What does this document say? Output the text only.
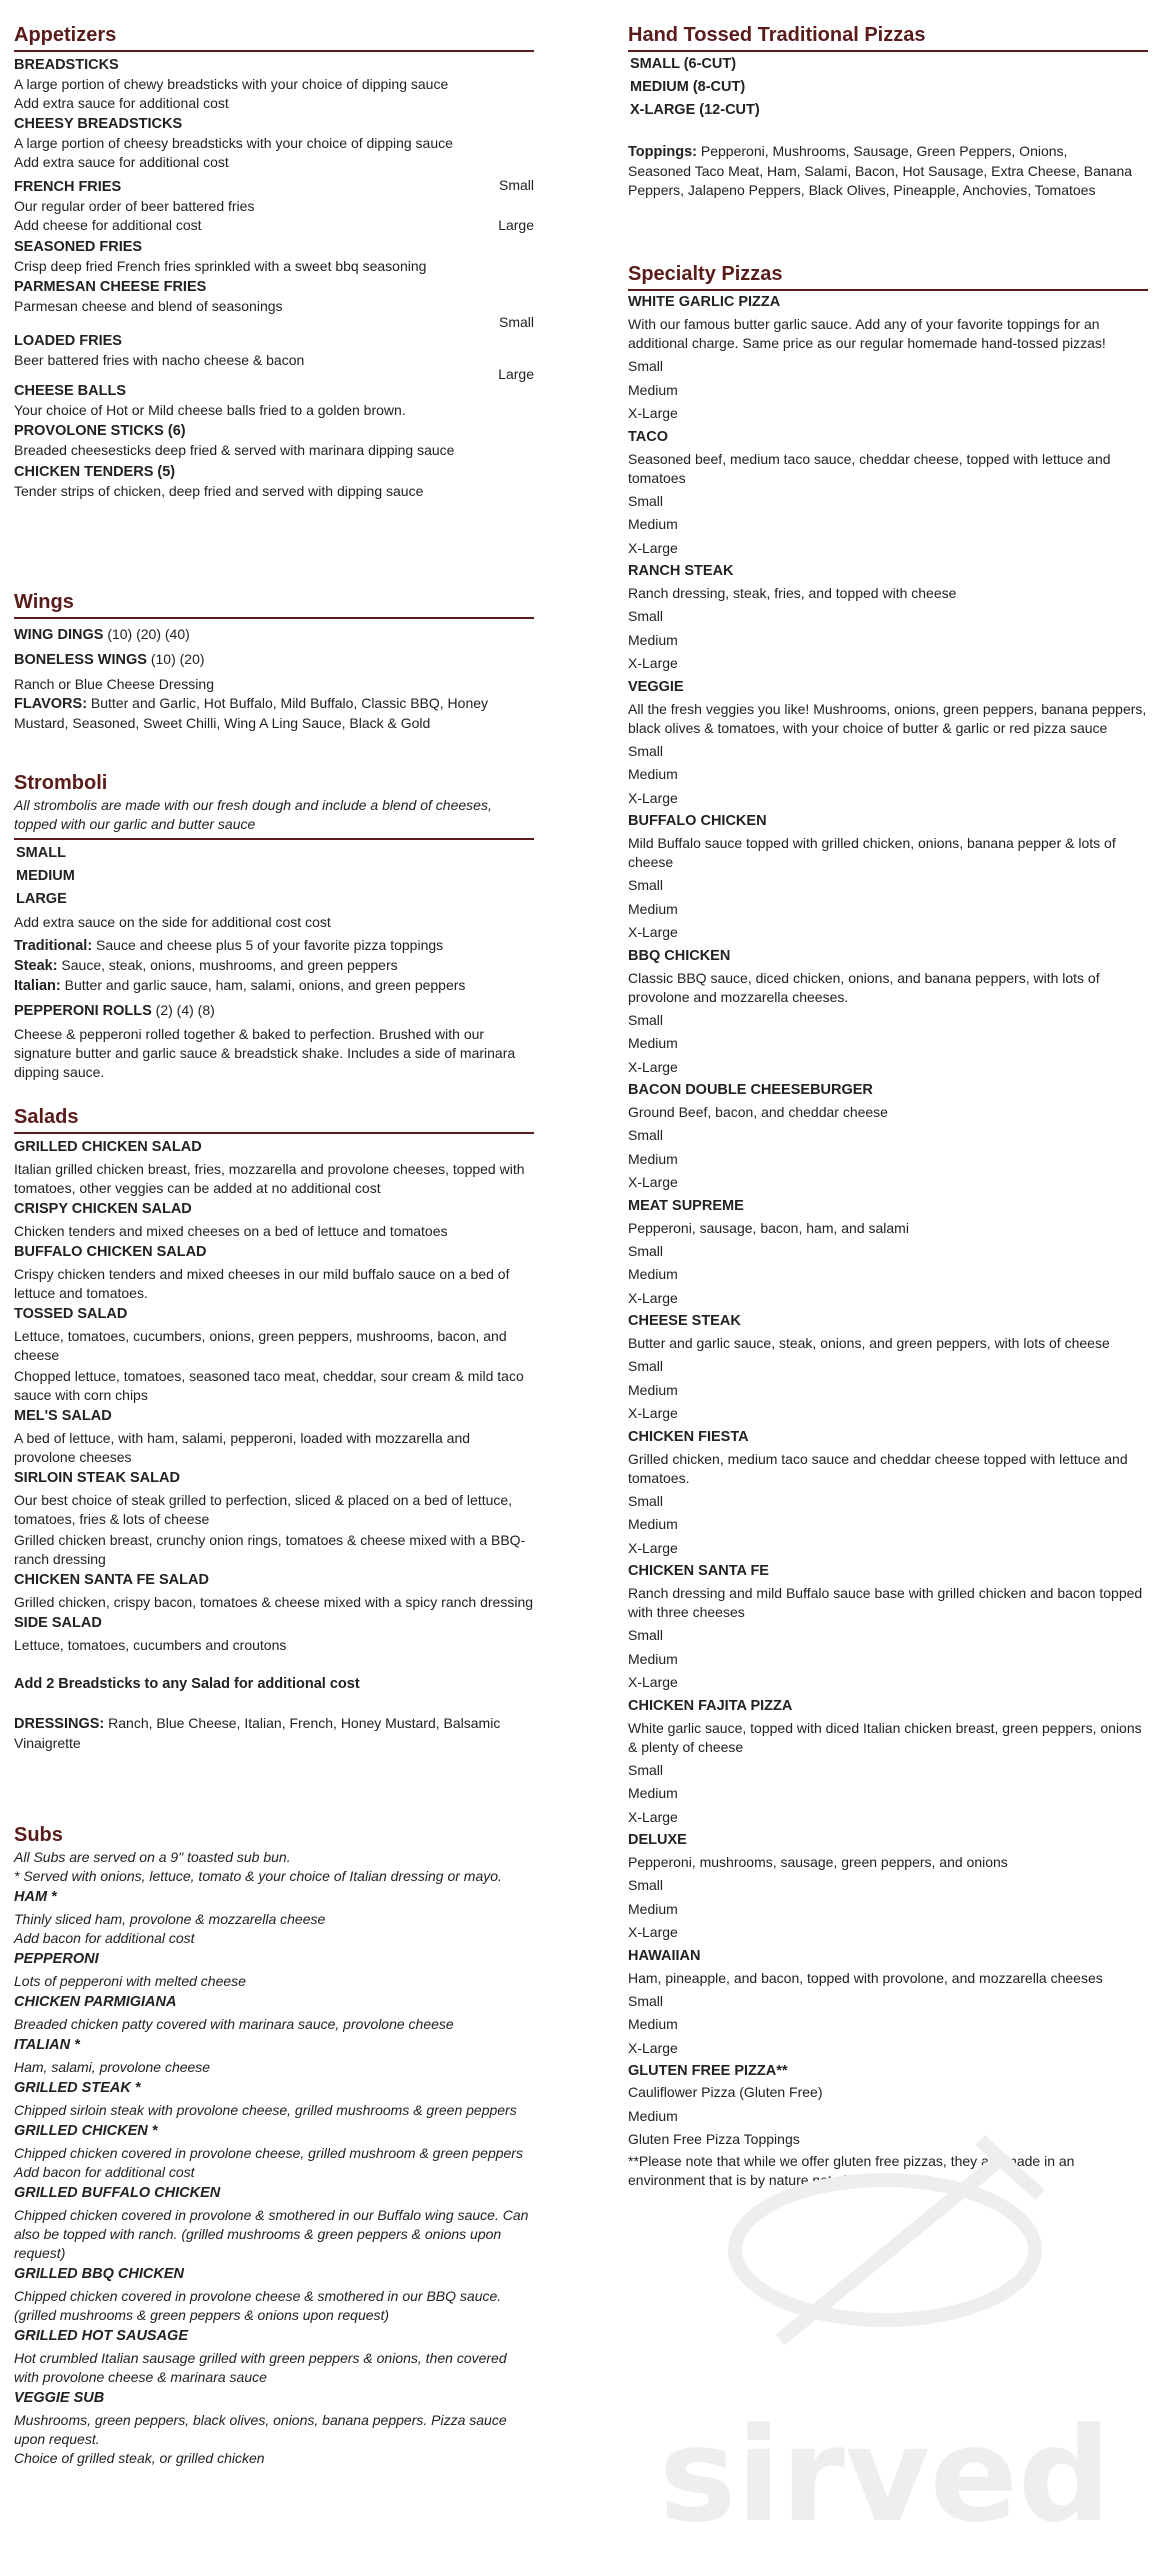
Appetizers
BREADSTICKS
A large portion of chewy breadsticks with your choice of dipping sauce
Add extra sauce for additional cost
CHEESY BREADSTICKS
A large portion of cheesy breadsticks with your choice of dipping sauce
Add extra sauce for additional cost
FRENCH FRIES	Small
Our regular order of beer battered fries
Add cheese for additional cost	Large
SEASONED FRIES
Crisp deep fried French fries sprinkled with a sweet bbq seasoning
PARMESAN CHEESE FRIES
Parmesan cheese and blend of seasonings
Small
LOADED FRIES
Beer battered fries with nacho cheese & bacon
Large
CHEESE BALLS
Your choice of Hot or Mild cheese balls fried to a golden brown.
PROVOLONE STICKS (6)
Breaded cheesesticks deep fried & served with marinara dipping sauce
CHICKEN TENDERS (5)
Tender strips of chicken, deep fried and served with dipping sauce
Wings
WING DINGS (10) (20) (40)
BONELESS WINGS (10) (20)
Ranch or Blue Cheese Dressing
FLAVORS: Butter and Garlic, Hot Buffalo, Mild Buffalo, Classic BBQ, Honey Mustard, Seasoned, Sweet Chilli, Wing A Ling Sauce, Black & Gold
Stromboli
All strombolis are made with our fresh dough and include a blend of cheeses, topped with our garlic and butter sauce
SMALL
MEDIUM
LARGE
Add extra sauce on the side for additional cost cost
Traditional: Sauce and cheese plus 5 of your favorite pizza toppings
Steak: Sauce, steak, onions, mushrooms, and green peppers
Italian: Butter and garlic sauce, ham, salami, onions, and green peppers
PEPPERONI ROLLS (2) (4) (8)
Cheese & pepperoni rolled together & baked to perfection. Brushed with our signature butter and garlic sauce & breadstick shake. Includes a side of marinara dipping sauce.
Salads
GRILLED CHICKEN SALAD
Italian grilled chicken breast, fries, mozzarella and provolone cheeses, topped with tomatoes, other veggies can be added at no additional cost
CRISPY CHICKEN SALAD
Chicken tenders and mixed cheeses on a bed of lettuce and tomatoes
BUFFALO CHICKEN SALAD
Crispy chicken tenders and mixed cheeses in our mild buffalo sauce on a bed of lettuce and tomatoes.
TOSSED SALAD
Lettuce, tomatoes, cucumbers, onions, green peppers, mushrooms, bacon, and cheese
Chopped lettuce, tomatoes, seasoned taco meat, cheddar, sour cream & mild taco sauce with corn chips
MEL'S SALAD
A bed of lettuce, with ham, salami, pepperoni, loaded with mozzarella and provolone cheeses
SIRLOIN STEAK SALAD
Our best choice of steak grilled to perfection, sliced & placed on a bed of lettuce, tomatoes, fries & lots of cheese
Grilled chicken breast, crunchy onion rings, tomatoes & cheese mixed with a BBQ-ranch dressing
CHICKEN SANTA FE SALAD
Grilled chicken, crispy bacon, tomatoes & cheese mixed with a spicy ranch dressing
SIDE SALAD
Lettuce, tomatoes, cucumbers and croutons
Add 2 Breadsticks to any Salad for additional cost
DRESSINGS: Ranch, Blue Cheese, Italian, French, Honey Mustard, Balsamic Vinaigrette
Subs
All Subs are served on a 9" toasted sub bun.
* Served with onions, lettuce, tomato & your choice of Italian dressing or mayo.
HAM *
Thinly sliced ham, provolone & mozzarella cheese
Add bacon for additional cost
PEPPERONI
Lots of pepperoni with melted cheese
CHICKEN PARMIGIANA
Breaded chicken patty covered with marinara sauce, provolone cheese
ITALIAN *
Ham, salami, provolone cheese
GRILLED STEAK *
Chipped sirloin steak with provolone cheese, grilled mushrooms & green peppers
GRILLED CHICKEN *
Chipped chicken covered in provolone cheese, grilled mushroom & green peppers
Add bacon for additional cost
GRILLED BUFFALO CHICKEN
Chipped chicken covered in provolone & smothered in our Buffalo wing sauce. Can also be topped with ranch. (grilled mushrooms & green peppers & onions upon request)
GRILLED BBQ CHICKEN
Chipped chicken covered in provolone cheese & smothered in our BBQ sauce. (grilled mushrooms & green peppers & onions upon request)
GRILLED HOT SAUSAGE
Hot crumbled Italian sausage grilled with green peppers & onions, then covered with provolone cheese & marinara sauce
VEGGIE SUB
Mushrooms, green peppers, black olives, onions, banana peppers. Pizza sauce upon request.
Choice of grilled steak, or grilled chicken
Hand Tossed Traditional Pizzas
SMALL (6-CUT)
MEDIUM (8-CUT)
X-LARGE (12-CUT)
Toppings: Pepperoni, Mushrooms, Sausage, Green Peppers, Onions, Seasoned Taco Meat, Ham, Salami, Bacon, Hot Sausage, Extra Cheese, Banana Peppers, Jalapeno Peppers, Black Olives, Pineapple, Anchovies, Tomatoes
Specialty Pizzas
WHITE GARLIC PIZZA
With our famous butter garlic sauce. Add any of your favorite toppings for an additional charge. Same price as our regular homemade hand-tossed pizzas!
Small
Medium
X-Large
TACO
Seasoned beef, medium taco sauce, cheddar cheese, topped with lettuce and tomatoes
Small
Medium
X-Large
RANCH STEAK
Ranch dressing, steak, fries, and topped with cheese
Small
Medium
X-Large
VEGGIE
All the fresh veggies you like! Mushrooms, onions, green peppers, banana peppers, black olives & tomatoes, with your choice of butter & garlic or red pizza sauce
Small
Medium
X-Large
BUFFALO CHICKEN
Mild Buffalo sauce topped with grilled chicken, onions, banana pepper & lots of cheese
Small
Medium
X-Large
BBQ CHICKEN
Classic BBQ sauce, diced chicken, onions, and banana peppers, with lots of provolone and mozzarella cheeses.
Small
Medium
X-Large
BACON DOUBLE CHEESEBURGER
Ground Beef, bacon, and cheddar cheese
Small
Medium
X-Large
MEAT SUPREME
Pepperoni, sausage, bacon, ham, and salami
Small
Medium
X-Large
CHEESE STEAK
Butter and garlic sauce, steak, onions, and green peppers, with lots of cheese
Small
Medium
X-Large
CHICKEN FIESTA
Grilled chicken, medium taco sauce and cheddar cheese topped with lettuce and tomatoes.
Small
Medium
X-Large
CHICKEN SANTA FE
Ranch dressing and mild Buffalo sauce base with grilled chicken and bacon topped with three cheeses
Small
Medium
X-Large
CHICKEN FAJITA PIZZA
White garlic sauce, topped with diced Italian chicken breast, green peppers, onions & plenty of cheese
Small
Medium
X-Large
DELUXE
Pepperoni, mushrooms, sausage, green peppers, and onions
Small
Medium
X-Large
HAWAIIAN
Ham, pineapple, and bacon, topped with provolone, and mozzarella cheeses
Small
Medium
X-Large
GLUTEN FREE PIZZA**
Cauliflower Pizza (Gluten Free)
Medium
Gluten Free Pizza Toppings
**Please note that while we offer gluten free pizzas, they are made in an environment that is by nature not gluten free.
sirved
